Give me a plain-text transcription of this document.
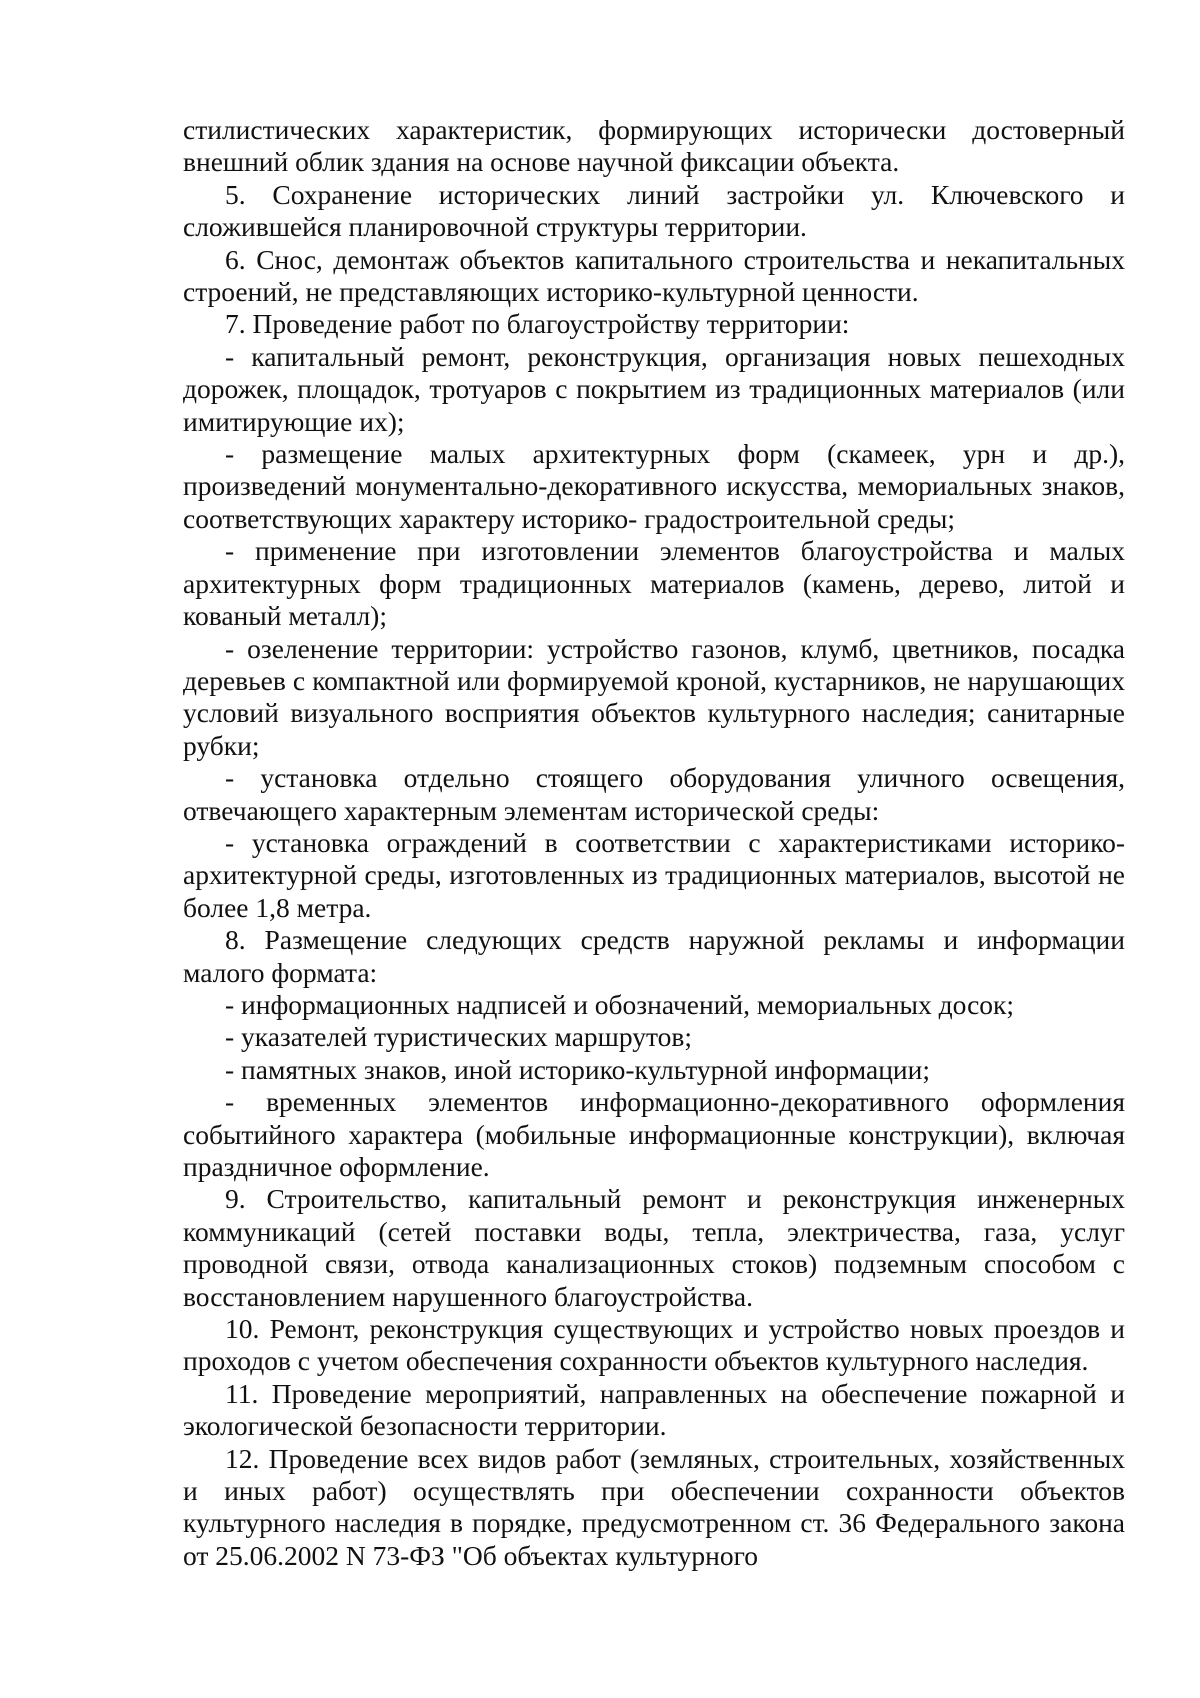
стилистических характеристик, формирующих исторически достоверный внешний облик здания на основе научной фиксации объекта.

5. Сохранение исторических линий застройки ул. Ключевского и сложившейся планировочной структуры территории.

6. Снос, демонтаж объектов капитального строительства и некапитальных строений, не представляющих историко-культурной ценности.

7. Проведение работ по благоустройству территории:

- капитальный ремонт, реконструкция, организация новых пешеходных дорожек, площадок, тротуаров с покрытием из традиционных материалов (или имитирующие их);

- размещение малых архитектурных форм (скамеек, урн и др.), произведений монументально-декоративного искусства, мемориальных знаков, соответствующих характеру историко- градостроительной среды;

- применение при изготовлении элементов благоустройства и малых архитектурных форм традиционных материалов (камень, дерево, литой и кованый металл);

- озеленение территории: устройство газонов, клумб, цветников, посадка деревьев с компактной или формируемой кроной, кустарников, не нарушающих условий визуального восприятия объектов культурного наследия; санитарные рубки;

- установка отдельно стоящего оборудования уличного освещения, отвечающего характерным элементам исторической среды:

- установка ограждений в соответствии с характеристиками историко-архитектурной среды, изготовленных из традиционных материалов, высотой не более 1,8 метра.

8. Размещение следующих средств наружной рекламы и информации малого формата:

- информационных надписей и обозначений, мемориальных досок;

- указателей туристических маршрутов;

- памятных знаков, иной историко-культурной информации;

- временных элементов информационно-декоративного оформления событийного характера (мобильные информационные конструкции), включая праздничное оформление.

9. Строительство, капитальный ремонт и реконструкция инженерных коммуникаций (сетей поставки воды, тепла, электричества, газа, услуг проводной связи, отвода канализационных стоков) подземным способом с восстановлением нарушенного благоустройства.

10. Ремонт, реконструкция существующих и устройство новых проездов и проходов с учетом обеспечения сохранности объектов культурного наследия.

11. Проведение мероприятий, направленных на обеспечение пожарной и экологической безопасности территории.

12. Проведение всех видов работ (земляных, строительных, хозяйственных и иных работ) осуществлять при обеспечении сохранности объектов культурного наследия в порядке, предусмотренном ст. 36 Федерального закона от 25.06.2002 N 73-ФЗ "Об объектах культурного
